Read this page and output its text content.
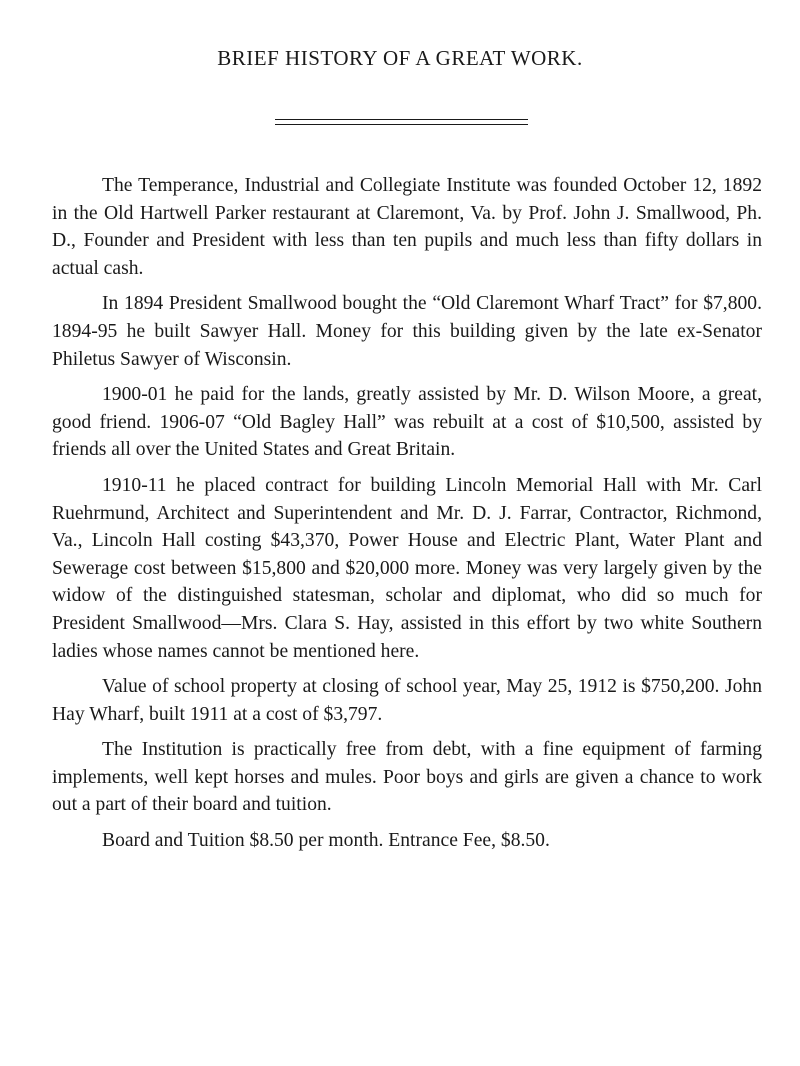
BRIEF HISTORY OF A GREAT WORK.

The Temperance, Industrial and Collegiate Institute was founded October 12, 1892 in the Old Hartwell Parker restaurant at Claremont, Va. by Prof. John J. Smallwood, Ph. D., Founder and President with less than ten pupils and much less than fifty dollars in actual cash.

In 1894 President Smallwood bought the “Old Claremont Wharf Tract” for $7,800. 1894-95 he built Sawyer Hall. Money for this building given by the late ex-Senator Philetus Sawyer of Wisconsin.

1900-01 he paid for the lands, greatly assisted by Mr. D. Wilson Moore, a great, good friend. 1906-07 “Old Bagley Hall” was rebuilt at a cost of $10,500, assisted by friends all over the United States and Great Britain.

1910-11 he placed contract for building Lincoln Memorial Hall with Mr. Carl Ruehrmund, Architect and Superintendent and Mr. D. J. Farrar, Contractor, Richmond, Va., Lincoln Hall costing $43,370, Power House and Electric Plant, Water Plant and Sewerage cost between $15,800 and $20,000 more. Money was very largely given by the widow of the distinguished statesman, scholar and diplomat, who did so much for President Smallwood—Mrs. Clara S. Hay, assisted in this effort by two white Southern ladies whose names cannot be mentioned here.

Value of school property at closing of school year, May 25, 1912 is $750,200. John Hay Wharf, built 1911 at a cost of $3,797.

The Institution is practically free from debt, with a fine equipment of farming implements, well kept horses and mules. Poor boys and girls are given a chance to work out a part of their board and tuition.

Board and Tuition $8.50 per month. Entrance Fee, $8.50.
